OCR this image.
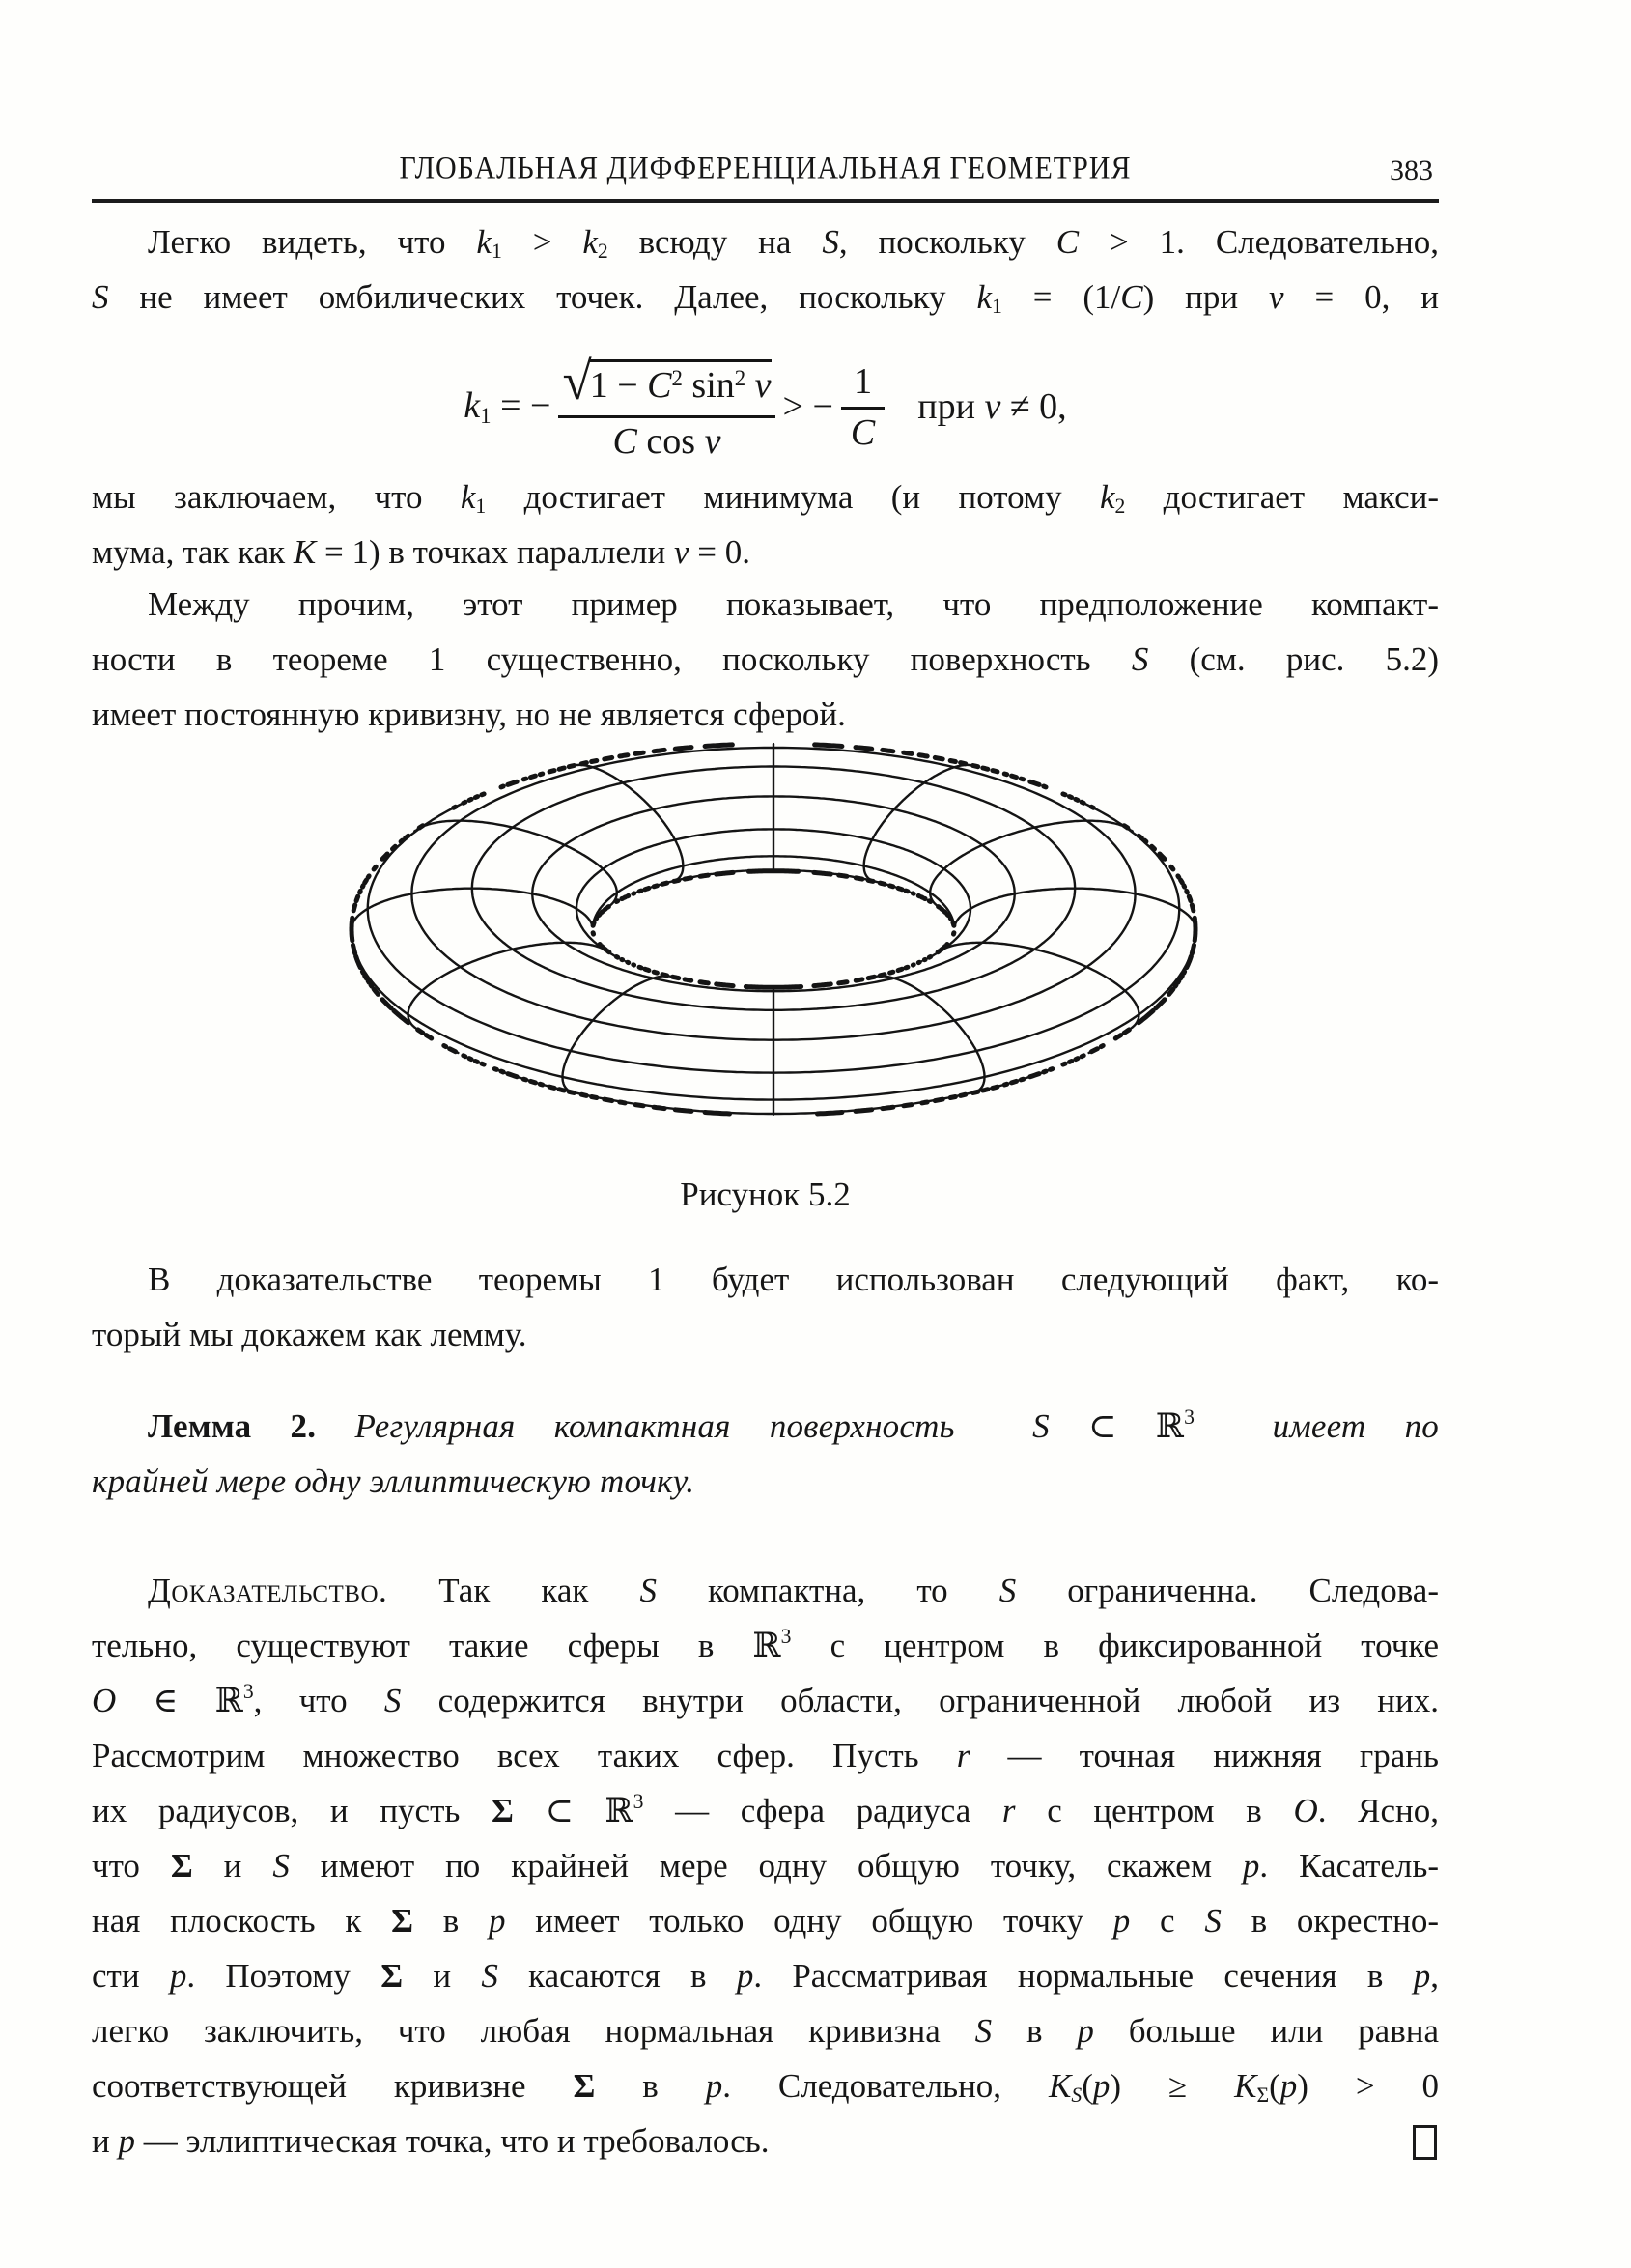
ГЛОБАЛЬНАЯ ДИФФЕРЕНЦИАЛЬНАЯ ГЕОМЕТРИЯ	383
Легко видеть, что $k_1 > k_2$ всюду на S, поскольку C > 1. Следовательно,
S не имеет омбилических точек. Далее, поскольку $k_1 = (1/C)$ при v = 0, и
$k_1$ = − $\frac{√1 - C^2 \sin^2 v}{\text{C cos v}}$ > − $\frac{1}{C}$ при v ≠ 0,
мы заключаем, что $k_1$ достигает минимума (и потому $k_2$ достигает макси-
мума, так как K = 1) в точках параллели v = 0.
Между прочим, этот пример показывает, что предположение компакт-
ности в теореме 1 существенно, поскольку поверхность S (см. рис. 5.2)
имеет постоянную кривизну, но не является сферой.
Рисунок 5.2
В доказательстве теоремы 1 будет использован следующий факт, ко-
торый мы докажем как лемму.
Лемма 2. Регулярная компактная поверхность S ⊂ ℝ$^3$ имеет по
крайней мере одну эллиптическую точку.
Доказательство. Так как S компактна, то S ограниченна. Следова-
тельно, существуют такие сферы в ℝ$^3$ с центром в фиксированной точке
O ∈ ℝ$^3$, что S содержится внутри области, ограниченной любой из них.
Рассмотрим множество всех таких сфер. Пусть r — точная нижняя грань
их радиусов, и пусть Σ ⊂ ℝ$^3$ — сфера радиуса r с центром в O. Ясно,
что Σ и S имеют по крайней мере одну общую точку, скажем p. Касатель-
ная плоскость к Σ в p имеет только одну общую точку p с S в окрестно-
сти p. Поэтому Σ и S касаются в p. Рассматривая нормальные сечения в p,
легко заключить, что любая нормальная кривизна S в p больше или равна
соответствующей кривизне Σ в p. Следовательно, $K_S(p) \ge K_\Sigma(p) > 0$
и p — эллиптическая точка, что и требовалось.
